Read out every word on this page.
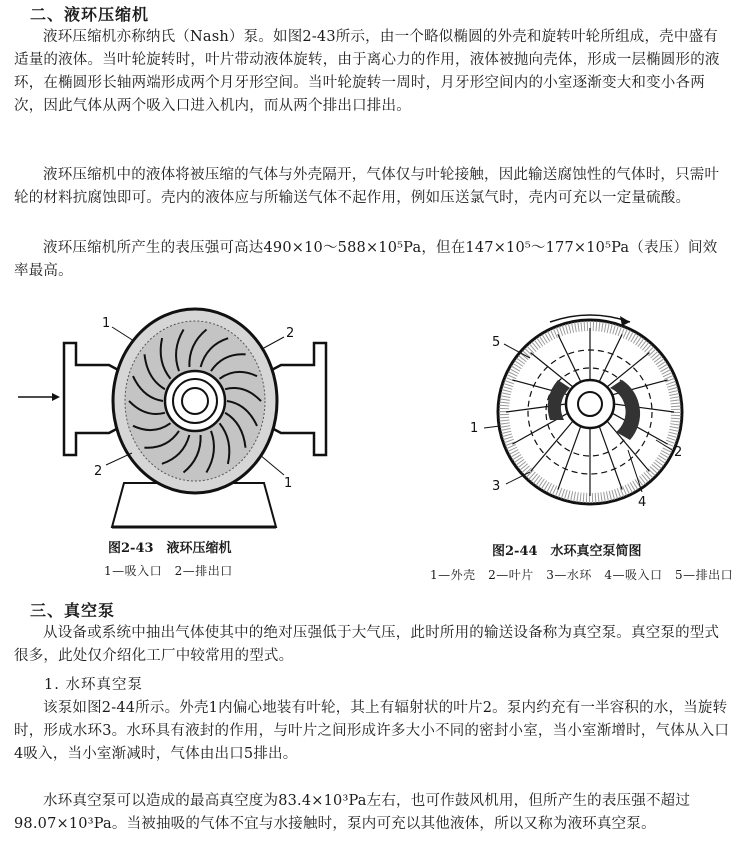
二、液环压缩机
液环压缩机亦称纳氏（Nash）泵。如图2-43所示，由一个略似椭圆的外壳和旋转叶轮所组成，壳中盛有适量的液体。当叶轮旋转时，叶片带动液体旋转，由于离心力的作用，液体被抛向壳体，形成一层椭圆形的液环，在椭圆形长轴两端形成两个月牙形空间。当叶轮旋转一周时，月牙形空间内的小室逐渐变大和变小各两次，因此气体从两个吸入口进入机内，而从两个排出口排出。
液环压缩机中的液体将被压缩的气体与外壳隔开，气体仅与叶轮接触，因此输送腐蚀性的气体时，只需叶轮的材料抗腐蚀即可。壳内的液体应与所输送气体不起作用，例如压送氯气时，壳内可充以一定量硫酸。
液环压缩机所产生的表压强可高达490×10～588×10⁵Pa，但在147×10⁵～177×10⁵Pa（表压）间效率最高。
1
2
2
1
图2-43　液环压缩机
1—吸入口　2—排出口
5
1
2
3
4
图2-44　水环真空泵简图
1—外壳　2—叶片　3—水环　4—吸入口　5—排出口
三、真空泵
从设备或系统中抽出气体使其中的绝对压强低于大气压，此时所用的输送设备称为真空泵。真空泵的型式很多，此处仅介绍化工厂中较常用的型式。
1. 水环真空泵
该泵如图2-44所示。外壳1内偏心地装有叶轮，其上有辐射状的叶片2。泵内约充有一半容积的水，当旋转时，形成水环3。水环具有液封的作用，与叶片之间形成许多大小不同的密封小室，当小室渐增时，气体从入口4吸入，当小室渐减时，气体由出口5排出。
水环真空泵可以造成的最高真空度为83.4×10³Pa左右，也可作鼓风机用，但所产生的表压强不超过98.07×10³Pa。当被抽吸的气体不宜与水接触时，泵内可充以其他液体，所以又称为液环真空泵。
